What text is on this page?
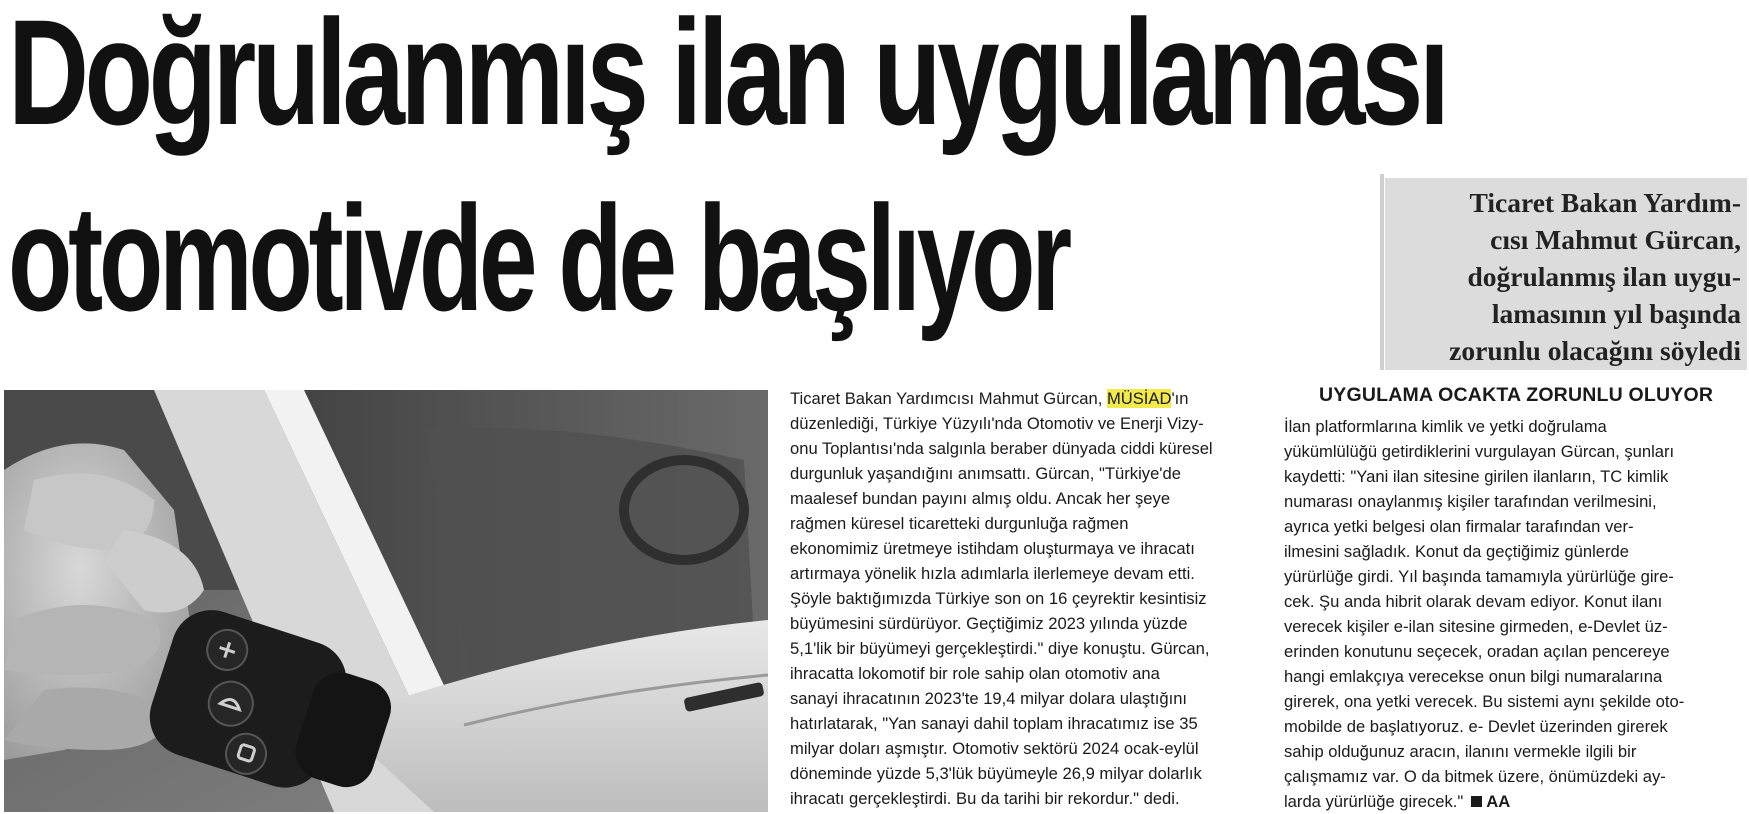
Doğrulanmış ilan uygulaması
otomotivde de başlıyor	Ticaret Bakan Yardım-
cısı Mahmut Gürcan,
doğrulanmış ilan uygu-
lamasının yıl başında
zorunlu olacağını söyledi
Ticaret Bakan Yardımcısı Mahmut Gürcan, MÜSİAD'ın
düzenlediği, Türkiye Yüzyılı'nda Otomotiv ve Enerji Vizy-
onu Toplantısı'nda salgınla beraber dünyada ciddi küresel
durgunluk yaşandığını anımsattı. Gürcan, "Türkiye'de
maalesef bundan payını almış oldu. Ancak her şeye
rağmen küresel ticaretteki durgunluğa rağmen
ekonomimiz üretmeye istihdam oluşturmaya ve ihracatı
artırmaya yönelik hızla adımlarla ilerlemeye devam etti.
Şöyle baktığımızda Türkiye son on 16 çeyrektir kesintisiz
büyümesini sürdürüyor. Geçtiğimiz 2023 yılında yüzde
5,1'lik bir büyümeyi gerçekleştirdi." diye konuştu. Gürcan,
ihracatta lokomotif bir role sahip olan otomotiv ana
sanayi ihracatının 2023'te 19,4 milyar dolara ulaştığını
hatırlatarak, "Yan sanayi dahil toplam ihracatımız ise 35
milyar doları aşmıştır. Otomotiv sektörü 2024 ocak-eylül
döneminde yüzde 5,3'lük büyümeyle 26,9 milyar dolarlık
ihracatı gerçekleştirdi. Bu da tarihi bir rekordur." dedi.
UYGULAMA OCAKTA ZORUNLU OLUYOR
İlan platformlarına kimlik ve yetki doğrulama
yükümlülüğü getirdiklerini vurgulayan Gürcan, şunları
kaydetti: "Yani ilan sitesine girilen ilanların, TC kimlik
numarası onaylanmış kişiler tarafından verilmesini,
ayrıca yetki belgesi olan firmalar tarafından ver-
ilmesini sağladık. Konut da geçtiğimiz günlerde
yürürlüğe girdi. Yıl başında tamamıyla yürürlüğe gire-
cek. Şu anda hibrit olarak devam ediyor. Konut ilanı
verecek kişiler e-ilan sitesine girmeden, e-Devlet üz-
erinden konutunu seçecek, oradan açılan pencereye
hangi emlakçıya verecekse onun bilgi numaralarına
girerek, ona yetki verecek. Bu sistemi aynı şekilde oto-
mobilde de başlatıyoruz. e- Devlet üzerinden girerek
sahip olduğunuz aracın, ilanını vermekle ilgili bir
çalışmamız var. O da bitmek üzere, önümüzdeki ay-
larda yürürlüğe girecek." AA
